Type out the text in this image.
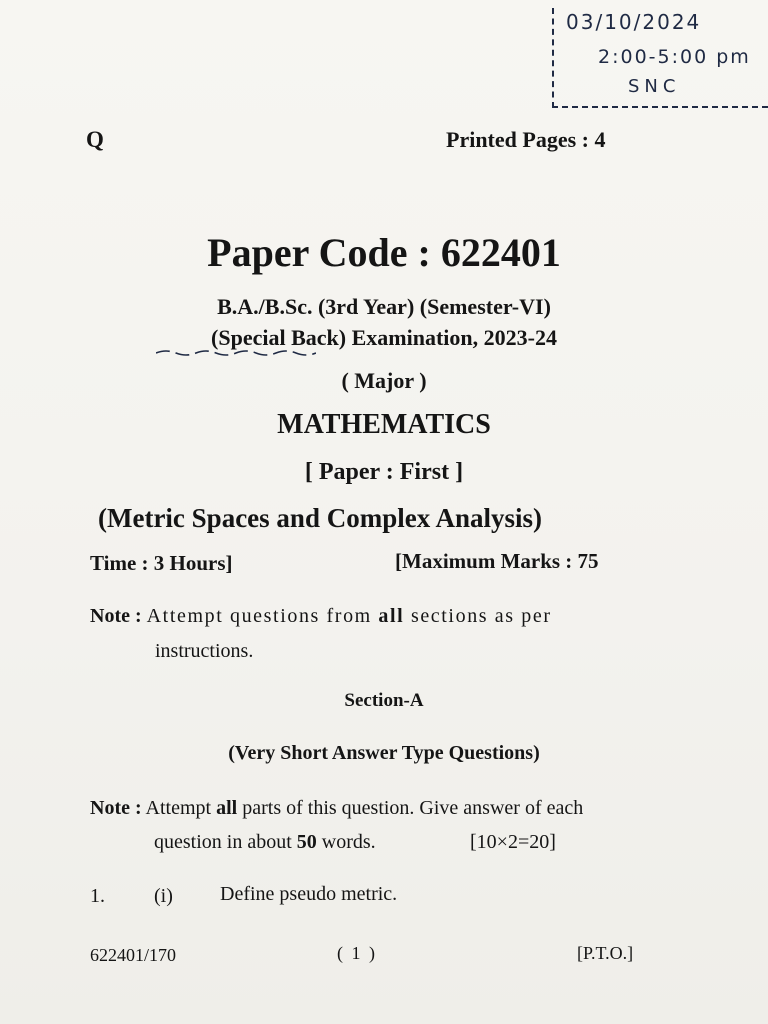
03/10/2024
2:00-5:00 pm
SNC
Q	Printed Pages : 4
Paper Code : 622401
B.A./B.Sc. (3rd Year) (Semester-VI)
(Special Back) Examination, 2023-24
( Major )
MATHEMATICS
[ Paper : First ]
(Metric Spaces and Complex Analysis)
Time : 3 Hours]	[Maximum Marks : 75
Note : Attempt questions from all sections as per
instructions.
Section-A
(Very Short Answer Type Questions)
Note : Attempt all parts of this question. Give answer of each
question in about 50 words.	[10×2=20]
1. (i) Define pseudo metric.
622401/170	( 1 )	[P.T.O.]
